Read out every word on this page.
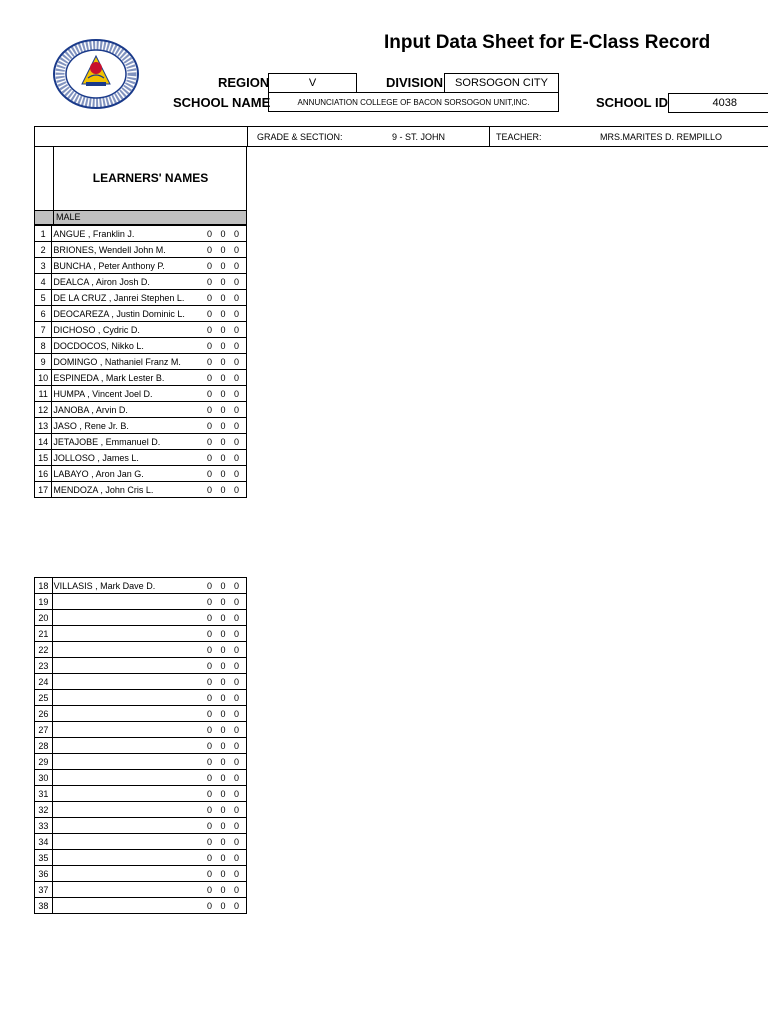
Input Data Sheet for E-Class Record
REGION	V	DIVISION	SORSOGON CITY
SCHOOL NAME	ANNUNCIATION COLLEGE OF BACON SORSOGON UNIT,INC.	SCHOOL ID	4038
GRADE & SECTION:	9 - ST. JOHN	TEACHER:	MRS.MARITES D. REMPILLO
LEARNERS' NAMES
MALE
1	ANGUE , Franklin J.	0 0 0
2	BRIONES, Wendell John M.	0 0 0
3	BUNCHA , Peter Anthony P.	0 0 0
4	DEALCA , Airon Josh D.	0 0 0
5	DE LA CRUZ , Janrei Stephen L.	0 0 0
6	DEOCAREZA , Justin Dominic L.	0 0 0
7	DICHOSO , Cydric D.	0 0 0
8	DOCDOCOS, Nikko L.	0 0 0
9	DOMINGO , Nathaniel Franz M.	0 0 0
10	ESPINEDA , Mark Lester B.	0 0 0
11	HUMPA , Vincent Joel D.	0 0 0
12	JANOBA , Arvin D.	0 0 0
13	JASO , Rene Jr. B.	0 0 0
14	JETAJOBE , Emmanuel D.	0 0 0
15	JOLLOSO , James L.	0 0 0
16	LABAYO , Aron Jan G.	0 0 0
17	MENDOZA , John Cris L.	0 0 0
18	VILLASIS , Mark Dave D.	0 0 0
19		0 0 0
20		0 0 0
21		0 0 0
22		0 0 0
23		0 0 0
24		0 0 0
25		0 0 0
26		0 0 0
27		0 0 0
28		0 0 0
29		0 0 0
30		0 0 0
31		0 0 0
32		0 0 0
33		0 0 0
34		0 0 0
35		0 0 0
36		0 0 0
37		0 0 0
38		0 0 0
